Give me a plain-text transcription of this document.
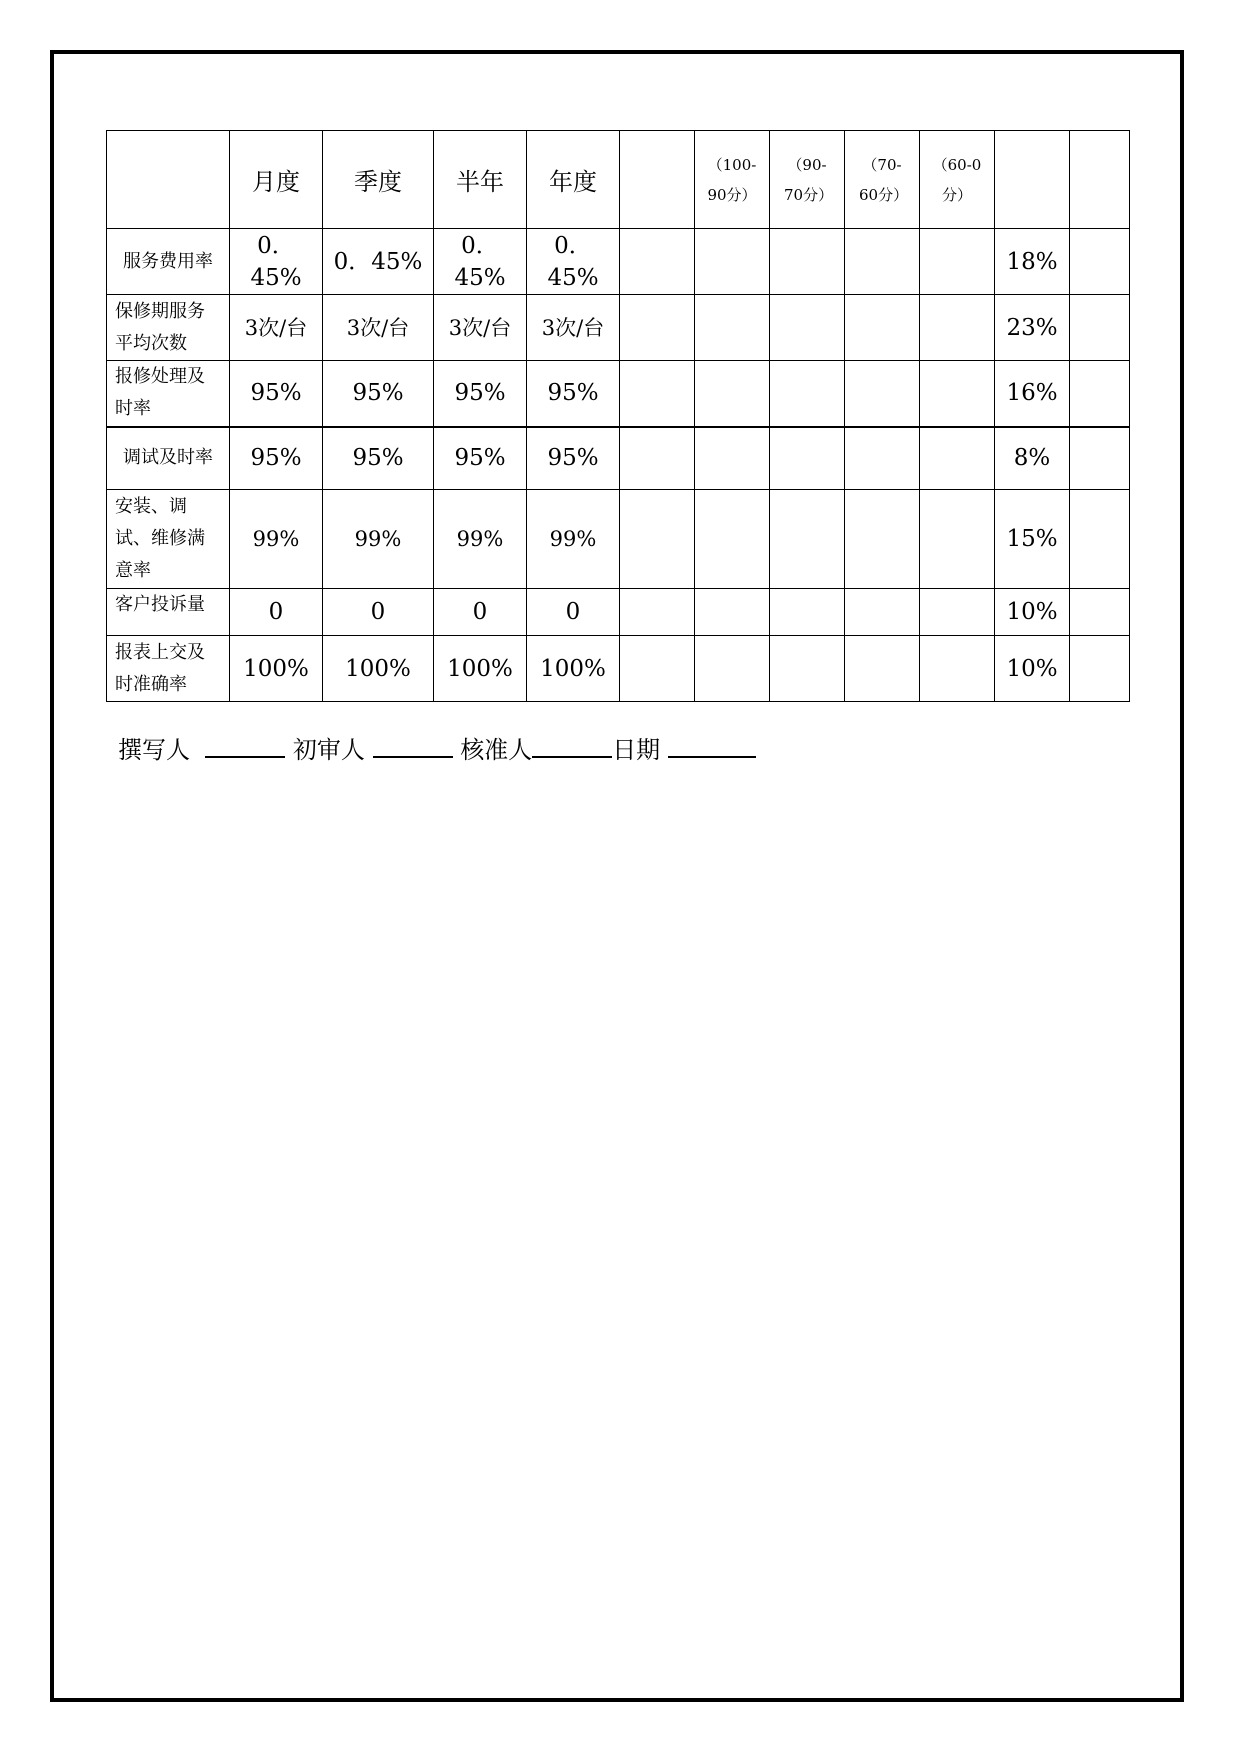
	月度	季度	半年	年度		（100-90分）	（90-70分）	（70-60分）	（60-0分）		
服务费用率	0．45%	0．45%	0．45%	0．45%						18%	
保修期服务平均次数	3次/台	3次/台	3次/台	3次/台						23%	
报修处理及时率	95%	95%	95%	95%						16%	
调试及时率	95%	95%	95%	95%						8%	
安装、调试、维修满意率	99%	99%	99%	99%						15%	
客户投诉量	0	0	0	0						10%	
报表上交及时准确率	100%	100%	100%	100%						10%	
撰写人	初审人	核准人	日期
